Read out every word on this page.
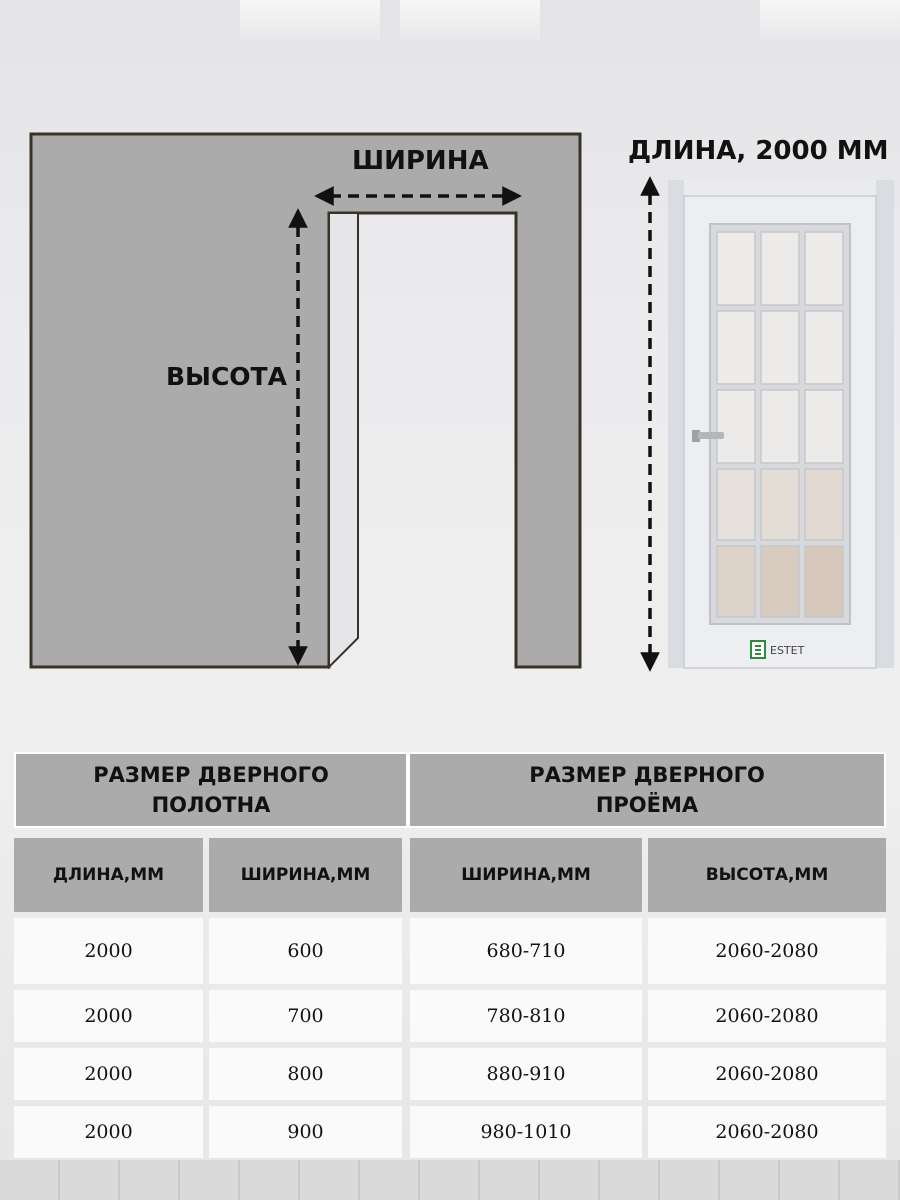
ШИРИНА
ВЫСОТА
ДЛИНА, 2000 ММ
ESTET
РАЗМЕР ДВЕРНОГО
ПОЛОТНА
РАЗМЕР ДВЕРНОГО
ПРОЁМА
ДЛИНА,ММ	ШИРИНА,ММ	ШИРИНА,ММ	ВЫСОТА,ММ
2000	600	680-710	2060-2080
2000	700	780-810	2060-2080
2000	800	880-910	2060-2080
2000	900	980-1010	2060-2080
